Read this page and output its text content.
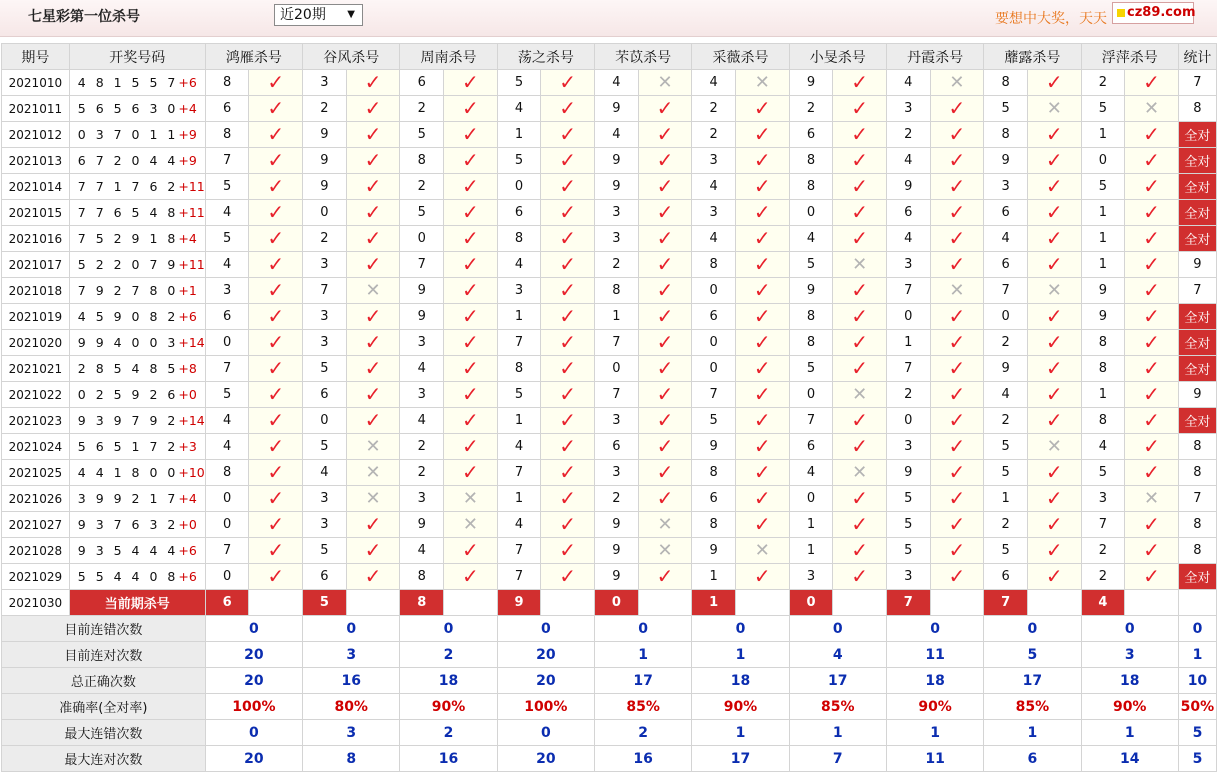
七星彩第一位杀号	近20期 ▼	要想中大奖，天天	cz89.com
期号	开奖号码	鸿雁杀号		谷风杀号		周南杀号		荡之杀号		芣苡杀号		采薇杀号		小旻杀号		丹霞杀号		蘼露杀号		浮萍杀号		统计
2021010	4 8 1 5 5 7+6	8	✓	3	✓	6	✓	5	✓	4	✕	4	✕	9	✓	4	✕	8	✓	2	✓	7
2021011	5 6 5 6 3 0+4	6	✓	2	✓	2	✓	4	✓	9	✓	2	✓	2	✓	3	✓	5	✕	5	✕	8
2021012	0 3 7 0 1 1+9	8	✓	9	✓	5	✓	1	✓	4	✓	2	✓	6	✓	2	✓	8	✓	1	✓	全对
2021013	6 7 2 0 4 4+9	7	✓	9	✓	8	✓	5	✓	9	✓	3	✓	8	✓	4	✓	9	✓	0	✓	全对
2021014	7 7 1 7 6 2+11	5	✓	9	✓	2	✓	0	✓	9	✓	4	✓	8	✓	9	✓	3	✓	5	✓	全对
2021015	7 7 6 5 4 8+11	4	✓	0	✓	5	✓	6	✓	3	✓	3	✓	0	✓	6	✓	6	✓	1	✓	全对
2021016	7 5 2 9 1 8+4	5	✓	2	✓	0	✓	8	✓	3	✓	4	✓	4	✓	4	✓	4	✓	1	✓	全对
2021017	5 2 2 0 7 9+11	4	✓	3	✓	7	✓	4	✓	2	✓	8	✓	5	✕	3	✓	6	✓	1	✓	9
2021018	7 9 2 7 8 0+1	3	✓	7	✕	9	✓	3	✓	8	✓	0	✓	9	✓	7	✕	7	✕	9	✓	7
2021019	4 5 9 0 8 2+6	6	✓	3	✓	9	✓	1	✓	1	✓	6	✓	8	✓	0	✓	0	✓	9	✓	全对
2021020	9 9 4 0 0 3+14	0	✓	3	✓	3	✓	7	✓	7	✓	0	✓	8	✓	1	✓	2	✓	8	✓	全对
2021021	2 8 5 4 8 5+8	7	✓	5	✓	4	✓	8	✓	0	✓	0	✓	5	✓	7	✓	9	✓	8	✓	全对
2021022	0 2 5 9 2 6+0	5	✓	6	✓	3	✓	5	✓	7	✓	7	✓	0	✕	2	✓	4	✓	1	✓	9
2021023	9 3 9 7 9 2+14	4	✓	0	✓	4	✓	1	✓	3	✓	5	✓	7	✓	0	✓	2	✓	8	✓	全对
2021024	5 6 5 1 7 2+3	4	✓	5	✕	2	✓	4	✓	6	✓	9	✓	6	✓	3	✓	5	✕	4	✓	8
2021025	4 4 1 8 0 0+10	8	✓	4	✕	2	✓	7	✓	3	✓	8	✓	4	✕	9	✓	5	✓	5	✓	8
2021026	3 9 9 2 1 7+4	0	✓	3	✕	3	✕	1	✓	2	✓	6	✓	0	✓	5	✓	1	✓	3	✕	7
2021027	9 3 7 6 3 2+0	0	✓	3	✓	9	✕	4	✓	9	✕	8	✓	1	✓	5	✓	2	✓	7	✓	8
2021028	9 3 5 4 4 4+6	7	✓	5	✓	4	✓	7	✓	9	✕	9	✕	1	✓	5	✓	5	✓	2	✓	8
2021029	5 5 4 4 0 8+6	0	✓	6	✓	8	✓	7	✓	9	✓	1	✓	3	✓	3	✓	6	✓	2	✓	全对
2021030	当前期杀号	6		5		8		9		0		1		0		7		7		4		
目前连错次数		0		0		0		0		0		0		0		0		0		0		0
目前连对次数		20		3		2		20		1		1		4		11		5		3		1
总正确次数		20		16		18		20		17		18		17		18		17		18		10
准确率(全对率)		100%		80%		90%		100%		85%		90%		85%		90%		85%		90%		50%
最大连错次数		0		3		2		0		2		1		1		1		1		1		5
最大连对次数		20		8		16		20		16		17		7		11		6		14		5
